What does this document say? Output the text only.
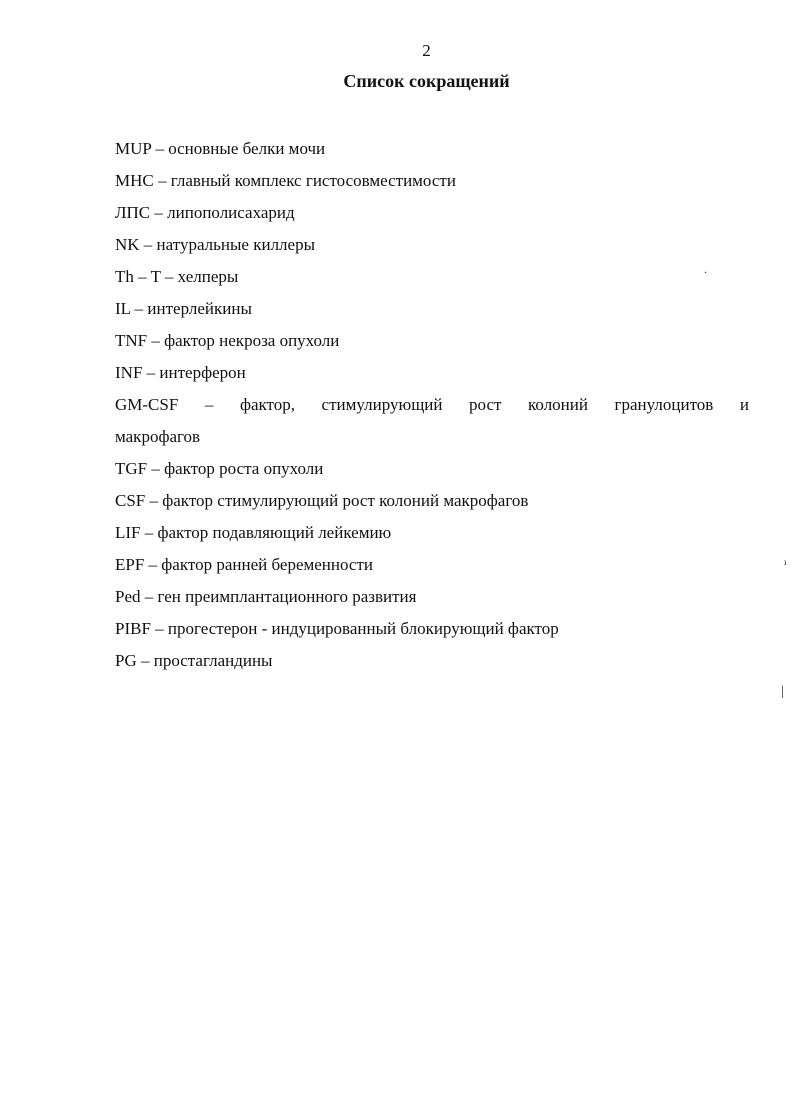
2
Список сокращений
MUP – основные белки мочи
MHC – главный комплекс гистосовместимости
ЛПС – липополисахарид
NK – натуральные киллеры
Th – T – хелперы
IL – интерлейкины
TNF – фактор некроза опухоли
INF – интерферон
GM-CSF – фактор, стимулирующий рост колоний гранулоцитов и
макрофагов
TGF – фактор роста опухоли
CSF – фактор стимулирующий рост колоний макрофагов
LIF – фактор подавляющий лейкемию
EPF – фактор ранней беременности
Ped – ген преимплантационного развития
PIBF – прогестерон - индуцированный блокирующий фактор
PG – простагландины
.
ı
|
